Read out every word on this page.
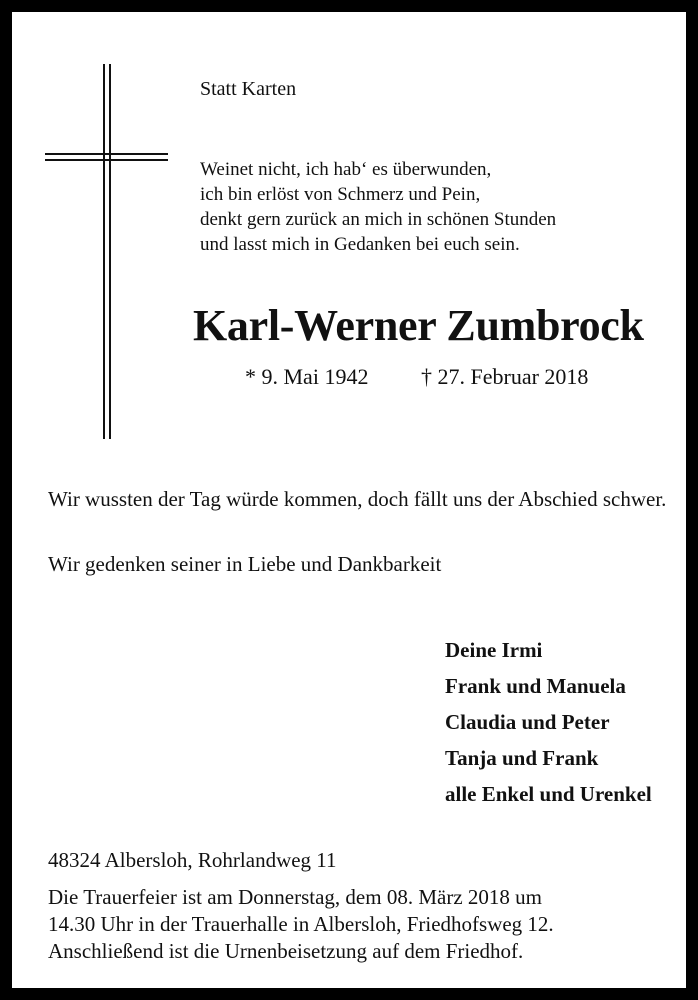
Statt Karten
Weinet nicht, ich hab‘ es überwunden,
ich bin erlöst von Schmerz und Pein,
denkt gern zurück an mich in schönen Stunden
und lasst mich in Gedanken bei euch sein.
Karl-Werner Zumbrock
* 9. Mai 1942 † 27. Februar 2018
Wir wussten der Tag würde kommen, doch fällt uns der Abschied schwer.
Wir gedenken seiner in Liebe und Dankbarkeit
Deine Irmi
Frank und Manuela
Claudia und Peter
Tanja und Frank
alle Enkel und Urenkel
48324 Albersloh, Rohrlandweg 11
Die Trauerfeier ist am Donnerstag, dem 08. März 2018 um
14.30 Uhr in der Trauerhalle in Albersloh, Friedhofsweg 12.
Anschließend ist die Urnenbeisetzung auf dem Friedhof.
